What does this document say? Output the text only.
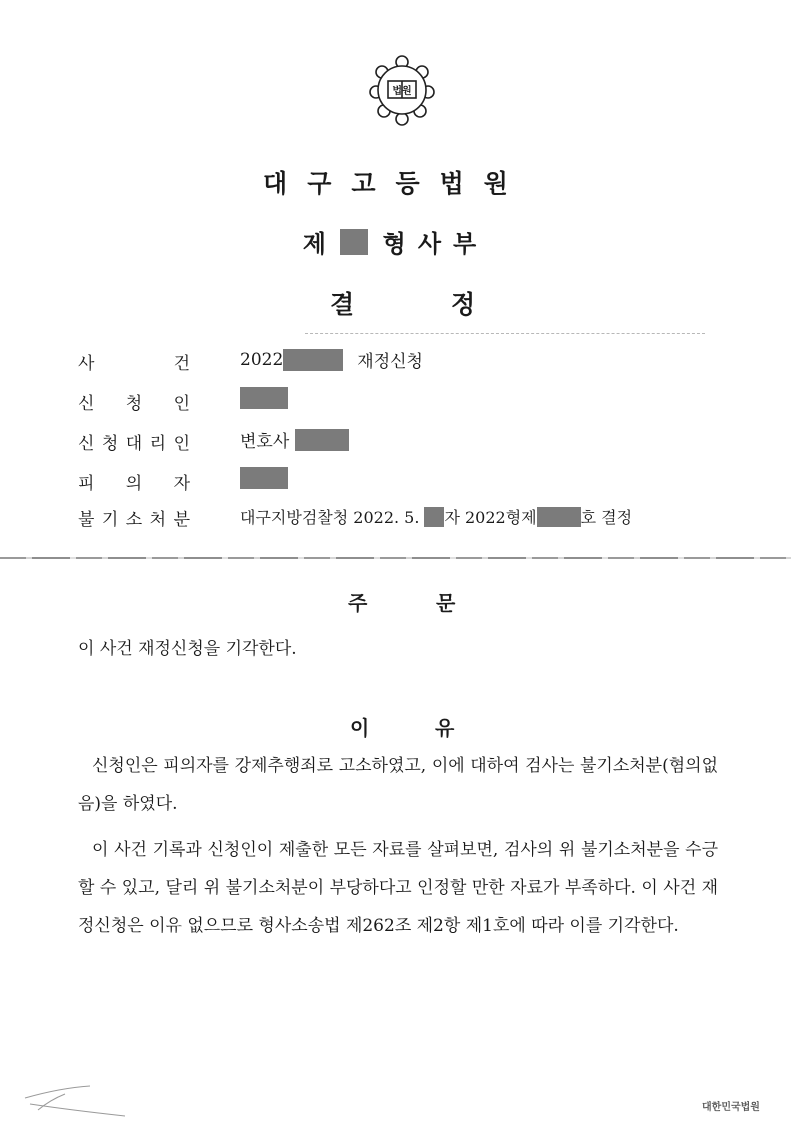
법원
대구고등법원
제 형사부
결	정
사	건	2022	재정신청
신 청 인
신 청 대 리 인	변호사
피 의 자
불 기 소 처 분	대구지방검찰청 2022. 5. 자 2022형제	호 결정
주	문
이 사건 재정신청을 기각한다.
이	유
신청인은 피의자를 강제추행죄로 고소하였고, 이에 대하여 검사는 불기소처분(혐의없음)을 하였다.
이 사건 기록과 신청인이 제출한 모든 자료를 살펴보면, 검사의 위 불기소처분을 수긍할 수 있고, 달리 위 불기소처분이 부당하다고 인정할 만한 자료가 부족하다. 이 사건 재정신청은 이유 없으므로 형사소송법 제262조 제2항 제1호에 따라 이를 기각한다.
대한민국법원
